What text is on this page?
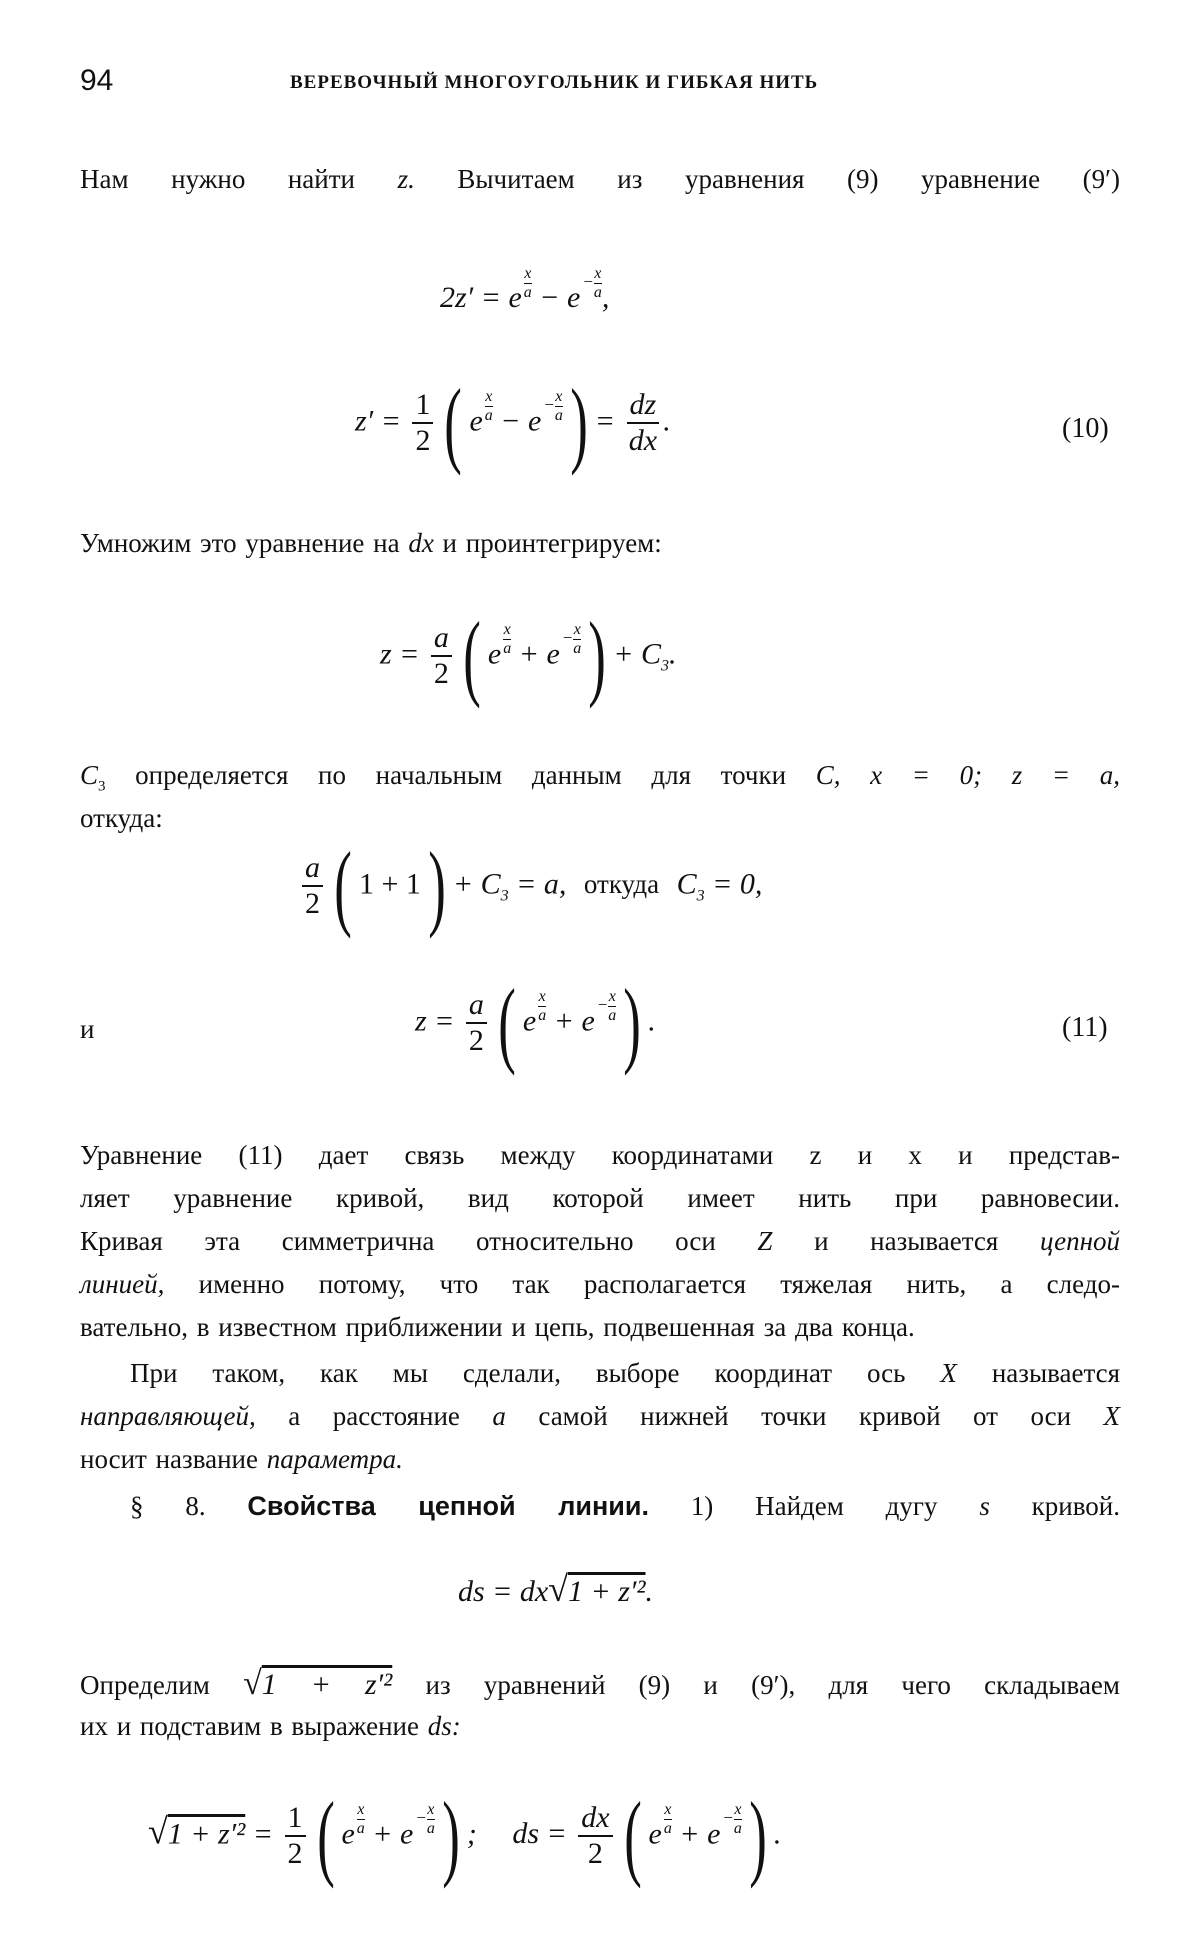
94	ВЕРЕВОЧНЫЙ МНОГОУГОЛЬНИК И ГИБКАЯ НИТЬ
Нам нужно найти z. Вычитаем из уравнения (9) уравнение (9′)
2z′ = e $^{\frac{x}{a}}$ − e $^{- \frac{x}{a}}$ ,
$z' = \frac{1}{2}$ ( e $^{\frac{x}{a}}$ − e $^{- \frac{x}{a}}$ ) = $\frac{dz}{dx}$ .	(10)
Умножим это уравнение на dx и проинтегрируем:
$z = \frac{a}{2}$ ( e $^{\frac{x}{a}}$ + e $^{- \frac{x}{a}}$ ) + $C_3$.
$C_3$ определяется по начальным данным для точки C, x = 0; z = a,
откуда:
$\frac{a}{2}$ ( $1 + 1) + C_3 = a$, откуда $C_3 = 0$,
и	$z = \frac{a}{2}$ ( e $^{\frac{x}{a}}$ + e $^{- \frac{x}{a}}$ ) .	(11)
Уравнение (11) дает связь между координатами z и x и представ-
ляет уравнение кривой, вид которой имеет нить при равновесии.
Кривая эта симметрична относительно оси Z и называется цепной
линией, именно потому, что так располагается тяжелая нить, а следо-
вательно, в известном приближении и цепь, подвешенная за два конца.
При таком, как мы сделали, выборе координат ось X называется
направляющей, а расстояние a самой нижней точки кривой от оси X
носит название параметра.
§ 8. Свойства цепной линии. 1) Найдем дугу s кривой.
ds = dx√1 + z′².
Определим √1 + z′² из уравнений (9) и (9′), для чего складываем
их и подставим в выражение ds:
$√1 + z'^2 = \frac{1}{2}$ ( e $^{\frac{x}{a}}$ + e $^{- \frac{x}{a}}$ ) ; ds = $\frac{dx}{2}$ ( e $^{\frac{x}{a}}$ + e $^{- \frac{x}{a}}$ ) .
